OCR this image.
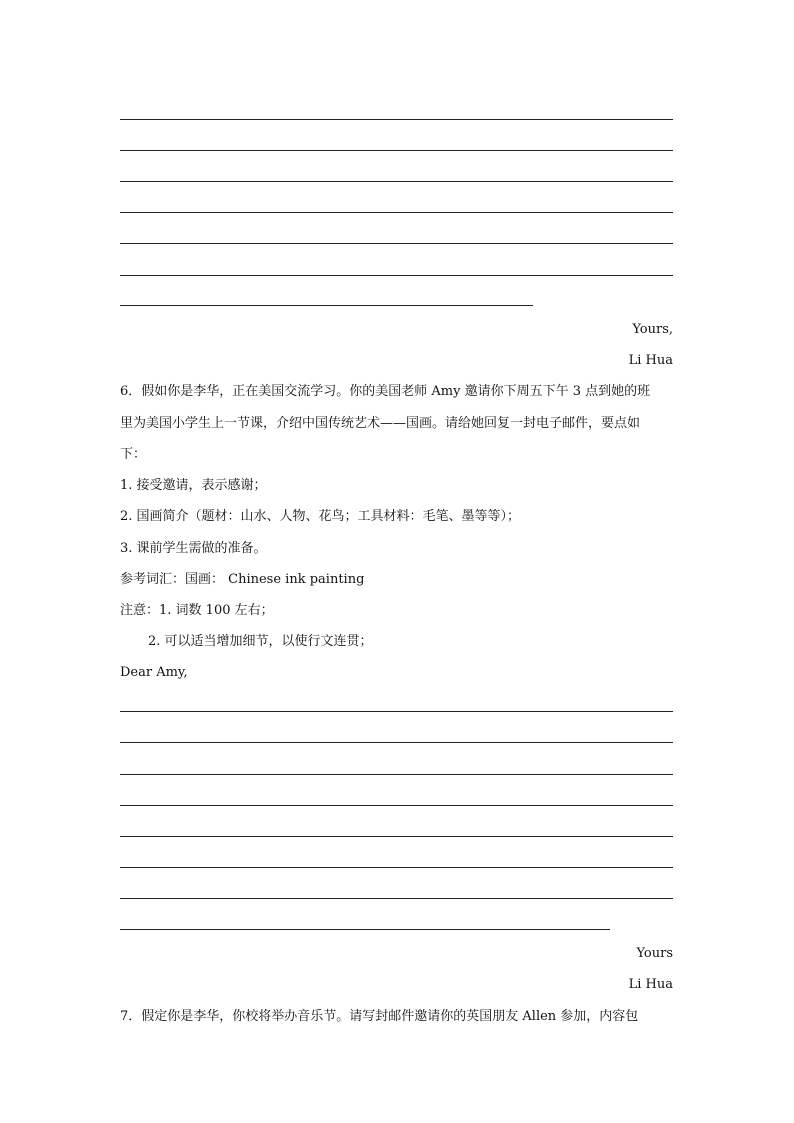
Yours,
Li Hua
6．假如你是李华，正在美国交流学习。你的美国老师 Amy 邀请你下周五下午 3 点到她的班
里为美国小学生上一节课，介绍中国传统艺术——国画。请给她回复一封电子邮件，要点如
下：
1. 接受邀请，表示感谢；
2. 国画简介（题材：山水、人物、花鸟；工具材料：毛笔、墨等等）；
3. 课前学生需做的准备。
参考词汇：国画： Chinese ink painting
注意：1. 词数 100 左右；
2. 可以适当增加细节，以使行文连贯；
Dear Amy,
Yours
Li Hua
7．假定你是李华，你校将举办音乐节。请写封邮件邀请你的英国朋友 Allen 参加，内容包
